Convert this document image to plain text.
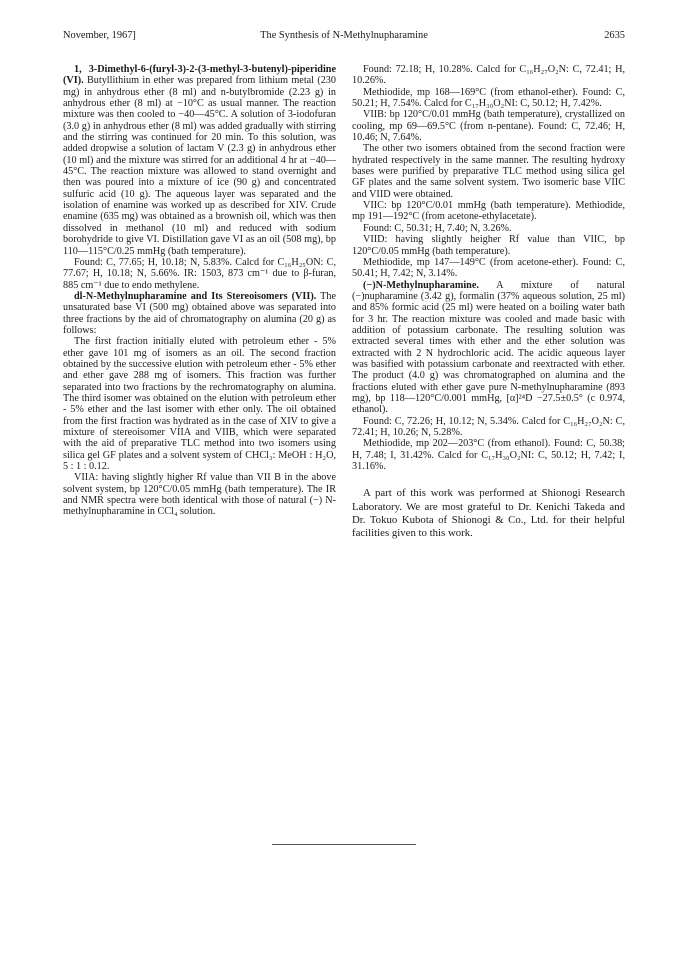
November, 1967]	The Synthesis of N-Methylnupharamine	2635

1, 3-Dimethyl-6-(furyl-3)-2-(3-methyl-3-butenyl)-piperidine (VI). Butyllithium in ether was prepared from lithium metal (230 mg) in anhydrous ether (8 ml) and n-butylbromide (2.23 g) in anhydrous ether (8 ml) at −10°C as usual manner. The reaction mixture was then cooled to −40—45°C. A solution of 3-iodofuran (3.0 g) in anhydrous ether (8 ml) was added gradually with stirring and the stirring was continued for 20 min. To this solution, was added dropwise a solution of lactam V (2.3 g) in anhydrous ether (10 ml) and the mixture was stirred for an additional 4 hr at −40—45°C. The reaction mixture was allowed to stand overnight and then was poured into a mixture of ice (90 g) and concentrated sulfuric acid (10 g). The aqueous layer was separated and the isolation of enamine was worked up as described for XIV. Crude enamine (635 mg) was obtained as a brownish oil, which was then dissolved in methanol (10 ml) and reduced with sodium borohydride to give VI. Distillation gave VI as an oil (508 mg), bp 110—115°C/0.25 mmHg (bath temperature).

Found: C, 77.65; H, 10.18; N, 5.83%. Calcd for C₁₆H₂₅ON: C, 77.67; H, 10.18; N, 5.66%. IR: 1503, 873 cm⁻¹ due to β-furan, 885 cm⁻¹ due to endo methylene.

dl-N-Methylnupharamine and Its Stereoisomers (VII). The unsaturated base VI (500 mg) obtained above was separated into three fractions by the aid of chromatography on alumina (20 g) as follows:

The first fraction initially eluted with petroleum ether - 5% ether gave 101 mg of isomers as an oil. The second fraction obtained by the successive elution with petroleum ether - 5% ether and ether gave 288 mg of isomers. This fraction was further separated into two fractions by the rechromatography on alumina. The third isomer was obtained on the elution with petroleum ether - 5% ether and the last isomer with ether only. The oil obtained from the first fraction was hydrated as in the case of XIV to give a mixture of stereoisomer VIIA and VIIB, which were separated with the aid of preparative TLC method into two isomers using silica gel GF plates and a solvent system of CHCl₃: MeOH : H₂O, 5 : 1 : 0.12.

VIIA: having slightly higher Rf value than VII B in the above solvent system, bp 120°C/0.05 mmHg (bath temperature). The IR and NMR spectra were both identical with those of natural (−) N-methylnupharamine in CCl₄ solution.

Found: 72.18; H, 10.28%. Calcd for C₁₆H₂₇O₂N: C, 72.41; H, 10.26%.

Methiodide, mp 168—169°C (from ethanol-ether). Found: C, 50.21; H, 7.54%. Calcd for C₁₇H₃₀O₂NI: C, 50.12; H, 7.42%.

VIIB: bp 120°C/0.01 mmHg (bath temperature), crystallized on cooling, mp 69—69.5°C (from n-pentane). Found: C, 72.46; H, 10.46; N, 7.64%.

The other two isomers obtained from the second fraction were hydrated respectively in the same manner. The resulting hydroxy bases were purified by preparative TLC method using silica gel GF plates and the same solvent system. Two isomeric base VIIC and VIID were obtained.

VIIC: bp 120°C/0.01 mmHg (bath temperature). Methiodide, mp 191—192°C (from acetone-ethylacetate).

Found: C, 50.31; H, 7.40; N, 3.26%.

VIID: having slightly heigher Rf value than VIIC, bp 120°C/0.05 mmHg (bath temperature).

Methiodide, mp 147—149°C (from acetone-ether). Found: C, 50.41; H, 7.42; N, 3.14%.

(−)N-Methylnupharamine. A mixture of natural (−)nupharamine (3.42 g), formalin (37% aqueous solution, 25 ml) and 85% formic acid (25 ml) were heated on a boiling water bath for 3 hr. The reaction mixture was cooled and made basic with addition of potassium carbonate. The resulting solution was extracted several times with ether and the ether solution was extracted with 2 N hydrochloric acid. The acidic aqueous layer was basified with potassium carbonate and reextracted with ether. The product (4.0 g) was chromatographed on alumina and the fractions eluted with ether gave pure N-methylnupharamine (893 mg), bp 118—120°C/0.001 mmHg, [α]²⁴D −27.5±0.5° (c 0.974, ethanol).

Found: C, 72.26; H, 10.12; N, 5.34%. Calcd for C₁₆H₂₇O₂N: C, 72.41; H, 10.26; N, 5.28%.

Methiodide, mp 202—203°C (from ethanol). Found: C, 50.38; H, 7.48; I, 31.42%. Calcd for C₁₇H₃₀O₂NI: C, 50.12; H, 7.42; I, 31.16%.

A part of this work was performed at Shionogi Research Laboratory. We are most grateful to Dr. Kenichi Takeda and Dr. Tokuo Kubota of Shionogi & Co., Ltd. for their helpful facilities given to this work.
